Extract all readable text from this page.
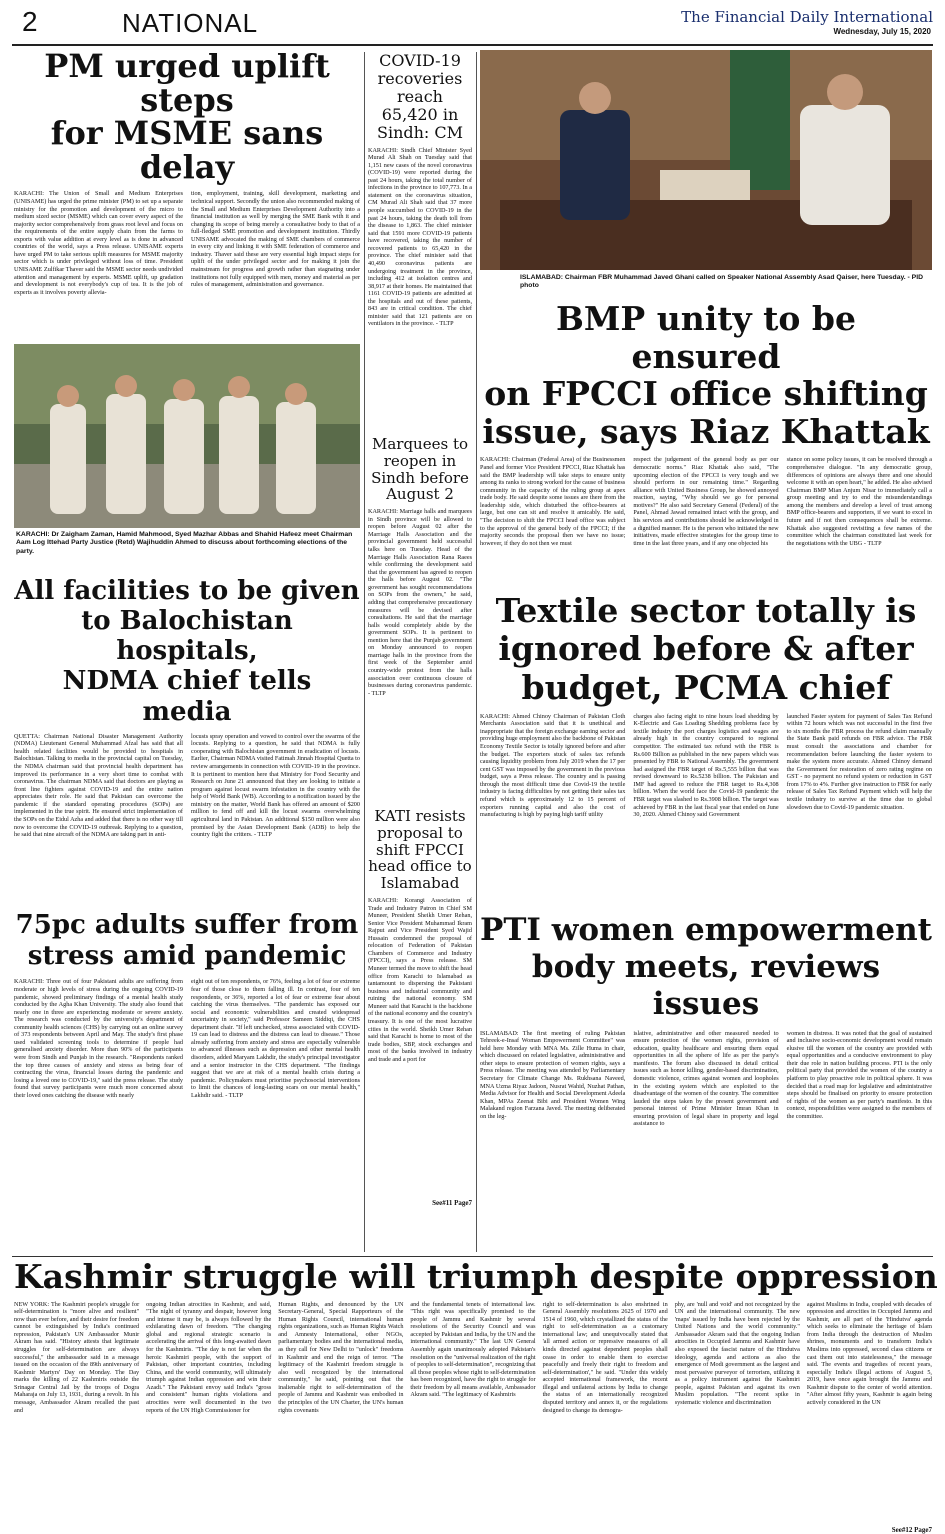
2	NATIONAL	The Financial Daily International
Wednesday, July 15, 2020
PM urged uplift steps
for MSME sans delay
KARACHI: The Union of Small and Medium Enterprises (UNISAME) has urged the prime minister (PM) to set up a separate ministry for the promotion and development of the micro to medium sized sector (MSME) which can cover every aspect of the majority sector comprehensively from grass root level and focus on the requirements of the entire supply chain from the farms to exports with value addition at every level as is done in advanced countries of the world, says a Press release. UNISAME experts have urged PM to take serious uplift measures for MSME majority sector which is under privileged without loss of time. President UNISAME Zulfikar Thaver said the MSME sector needs undivided attention and management by experts. MSME uplift, up gradation and development is not everybody's cup of tea. It is the job of experts as it involves poverty allevia-
tion, employment, training, skill development, marketing and technical support. Secondly the union also recommended making of the Small and Medium Enterprises Development Authority into a financial institution as well by merging the SME Bank with it and changing its scope of being merely a consultative body to that of a full-fledged SME promotion and development institution. Thirdly UNISAME advocated the making of SME chambers of commerce in every city and linking it with SME federation of commerce and industry. Thaver said these are very essential high impact steps for uplift of the under privileged sector and for making it join the mainstream for progress and growth rather than stagnating under institutions not fully equipped with men, money and material as per rules of management, administration and governance.
KARACHI: Dr Zaigham Zaman, Hamid Mahmood, Syed Mazhar Abbas and Shahid Hafeez meet Chairman Aam Log Ittehad Party Justice (Retd) Wajihuddin Ahmed to discuss about forthcoming elections of the party.
COVID-19 recoveries reach 65,420 in Sindh: CM
KARACHI: Sindh Chief Minister Syed Murad Ali Shah on Tuesday said that 1,151 new cases of the novel coronavirus (COVID-19) were reported during the past 24 hours, taking the total number of infections in the province to 107,773. In a statement on the coronavirus situation, CM Murad Ali Shah said that 37 more people succumbed to COVID-19 in the past 24 hours, taking the death toll from the disease to 1,863. The chief minister said that 1591 more COVID-19 patients have recovered, taking the number of recovered patients to 65,420 in the province. The chief minister said that 40,490 coronavirus patients are undergoing treatment in the province, including 412 at isolation centres and 38,917 at their homes. He maintained that 1161 COVID-19 patients are admitted at the hospitals and out of these patients, 843 are in critical condition. The chief minister said that 121 patients are on ventilators in the province. - TLTP
Marquees to reopen in Sindh before August 2
KARACHI: Marriage halls and marquees in Sindh province will be allowed to reopen before August 02 after the Marriage Halls Association and the provincial government held successful talks here on Tuesday. Head of the Marriage Halls Association Rana Raees while confirming the development said that the government has agreed to reopen the halls before August 02. "The government has sought recommendations on SOPs from the owners," he said, adding that comprehensive precautionary measures will be devised after consultations. He said that the marriage halls would completely abide by the government SOPs. It is pertinent to mention here that the Punjab government on Monday announced to reopen marriage halls in the province from the first week of the September amid country-wide protest from the halls association over continuous closure of businesses during coronavirus pandemic. - TLTP
KATI resists proposal to shift FPCCI head office to Islamabad
KARACHI: Korangi Association of Trade and Industry Patron in Chief SM Muneer, President Sheikh Umer Rehan, Senior Vice President Muhammad Ikram Rajput and Vice President Syed Wajid Hussain condemned the proposal of relocation of Federation of Pakistan Chambers of Commerce and Industry (FPCCI), says a Press release. SM Muneer termed the move to shift the head office from Karachi to Islamabad as tantamount to dispersing the Pakistani business and industrial community and ruining the national economy. SM Muneer said that Karachi is the backbone of the national economy and the country's treasury. It is one of the most lucrative cities in the world. Sheikh Umer Rehan said that Karachi is home to most of the trade bodies, SBP, stock exchanges and most of the banks involved in industry and trade and a port for
See#11 Page7
All facilities to be given
to Balochistan hospitals,
NDMA chief tells media
QUETTA: Chairman National Disaster Management Authority (NDMA) Lieutenant General Muhammad Afzal has said that all health related facilities would be provided to hospitals in Balochistan. Talking to media in the provincial capital on Tuesday, the NDMA chairman said that provincial health department has improved its performance in a very short time to combat with coronavirus. The chairman NDMA said that doctors are playing as front line fighters against COVID-19 and the entire nation appreciates their role. He said that Pakistan can overcome the pandemic if the standard operating procedures (SOPs) are implemented in the true spirit. He ensured strict implementation of the SOPs on the Eidul Azha and added that there is no other way till now to overcome the COVID-19 outbreak. Replying to a question, he said that nine aircraft of the NDMA are taking part in anti-
locusts spray operation and vowed to control over the swarms of the locusts. Replying to a question, he said that NDMA is fully cooperating with Balochistan government in eradication of locusts. Earlier, Chairman NDMA visited Fatimah Jinnah Hospital Quetta to review arrangements in connection with COVID-19 in the province. It is pertinent to mention here that Ministry for Food Security and Research on June 21 announced that they are looking to initiate a program against locust swarm infestation in the country with the help of World Bank (WB). According to a notification issued by the ministry on the matter, World Bank has offered an amount of $200 million to fend off and kill the locust swarms overwhelming agricultural land in Pakistan. An additional $150 million were also promised by the Asian Development Bank (ADB) to help the country fight the critters. - TLTP
75pc adults suffer from
stress amid pandemic
KARACHI: Three out of four Pakistani adults are suffering from moderate or high levels of stress during the ongoing COVID-19 pandemic, showed preliminary findings of a mental health study conducted by the Agha Khan University. The study also found that nearly one in three are experiencing moderate or severe anxiety. The research was conducted by the university's department of community health sciences (CHS) by carrying out an online survey of 373 respondents between April and May. The study's first phase used validated screening tools to determine if people had generalised anxiety disorder. More than 90% of the participants were from Sindh and Punjab in the research. "Respondents ranked the top three causes of anxiety and stress as being fear of contracting the virus, financial losses during the pandemic and losing a loved one to COVID-19," said the press release. The study found that survey participants were much more concerned about their loved ones catching the disease with nearly
eight out of ten respondents, or 76%, feeling a lot of fear or extreme fear of those close to them falling ill. In contrast, four of ten respondents, or 36%, reported a lot of fear or extreme fear about catching the virus themselves. "The pandemic has exposed our social and economic vulnerabilities and created widespread uncertainty in society," said Professor Sameen Siddiqi, the CHS department chair. "If left unchecked, stress associated with COVID-19 can lead to distress and the distress can lead to disease." Those already suffering from anxiety and stress are especially vulnerable to advanced illnesses such as depression and other mental health disorders, added Maryam Lakhdir, the study's principal investigator and a senior instructor in the CHS department. "The findings suggest that we are at risk of a mental health crisis during a pandemic. Policymakers must prioritise psychosocial interventions to limit the chances of long-lasting scars on our mental health," Lakhdir said. - TLTP
ISLAMABAD: Chairman FBR Muhammad Javed Ghani called on Speaker National Assembly Asad Qaiser, here Tuesday. - PID photo
BMP unity to be ensured
on FPCCI office shifting
issue, says Riaz Khattak
KARACHI: Chairman (Federal Area) of the Businessmen Panel and former Vice President FPCCI, Riaz Khattak has said the BMP leadership will take steps to ensure unity among its ranks to strong worked for the cause of business community in the capacity of the ruling group at apex trade body. He said despite some issues are there from the leadership side, which disturbed the office-bearers at large, but one can sit and resolve it amicably. He said, "The decision to shift the FPCCI head office was subject to the approval of the general body of the FPCCI; if the majority seconds the proposal then we have no issue; however, if they do not then we must
respect the judgement of the general body as per our democratic norms." Riaz Khattak also said, "The upcoming election of the FPCCI is very tough and we should perform in our remaining time." Regarding alliance with United Business Group, he showed annoyed reaction, saying, "Why should we go for personal motives?" He also said Secretary General (Federal) of the Panel, Ahmad Jawad remained intact with the group, and his services and contributions should be acknowledged in a dignified manner. He is the person who initiated the new initiatives, made effective strategies for the group time to time in the last three years, and if any one objected his
stance on some policy issues, it can be resolved through a comprehensive dialogue. "In any democratic group, differences of opinions are always there and one should welcome it with an open heart," he added. He also advised Chairman BMP Mian Anjum Nisar to immediately call a group meeting and try to end the misunderstandings among the members and develop a level of trust among BMP office-bearers and supporters, if we want to excel in future and if not then consequences shall be extreme. Khattak also suggested revisiting a few names of the committee which the chairman constituted last week for the negotiations with the UBG - TLTP
Textile sector totally is
ignored before & after
budget, PCMA chief
KARACHI: Ahmed Chinoy Chairman of Pakistan Cloth Merchants Association said that it is unethical and inappropriate that the foreign exchange earning sector and providing huge employment also the backbone of Pakistan Economy Textile Sector is totally ignored before and after the budget. The exporters stuck of sales tax refunds causing liquidity problem from July 2019 when the 17 per cent GST was imposed by the government in the previous budget, says a Press release. The country and is passing through the most difficult time due Covid-19 the textile industry is facing difficulties by not getting their sales tax refund which is approximately 12 to 15 percent of exporters running capital and also the cost of manufacturing is high by paying high tariff utility
charges also facing eight to nine hours load shedding by K-Electric and Gas Loading Shedding problems face by textile industry the port charges logistics and wages are already high in the country compared to regional competitor. The estimated tax refund with the FBR is Rs.600 Billion as published in the new papers which was presented by FBR to National Assembly. The government had assigned the FBR target of Rs.5,555 billion that was revised downward to Rs.5238 billion. The Pakistan and IMF had agreed to reduce the FBR target to Rs.4,308 billion. When the world face the Covid-19 pandemic the FBR target was slashed to Rs.3908 billion. The target was achieved by FBR in the last fiscal year that ended on June 30, 2020. Ahmed Chinoy said Government
launched Faster system for payment of Sales Tax Refund within 72 hours which was not successful in the first five to six months the FBR process the refund claim manually the State Bank paid refunds on FBR advice. The FBR must consult the associations and chamber for recommendation before launching the faster system to make the system more accurate. Ahmed Chinoy demand the Government for restoration of zero rating regime on GST - no payment no refund system or reduction in GST from 17% to 4%. Further give instruction to FBR for early release of Sales Tax Refund Payment which will help the textile industry to survive at the time due to global slowdown due to Covid-19 pandemic situation.
PTI women empowerment
body meets, reviews issues
ISLAMABAD: The first meeting of ruling Pakistan Tehreek-e-Insaf Woman Empowerment Committee" was held here Monday with MNA Ms. Zille Huma in chair, which discussed on related legislative, administrative and other steps to ensure protection of women rights, says a Press release. The meeting was attended by Parliamentary Secretary for Climate Change Ms. Rukhsana Naveed, MNA Uzma Riyaz Jadoon, Nusrat Wahid, Nuzhat Pathan, Media Advisor for Health and Social Development Adeela Khan, MPAs Zeenat Bibi and President Women Wing Malakand region Farzana Javed. The meeting deliberated on the leg-
islative, administrative and other measured needed to ensure protection of the women rights, provision of education, quality healthcare and ensuring them equal opportunities in all the sphere of life as per the party's manifesto. The forum also discussed in detail critical issues such as honor killing, gender-based discrimination, domestic violence, crimes against women and loopholes in the existing system which are exploited to the disadvantage of the women of the country. The committee lauded the steps taken by the present government and personal interest of Prime Minister Imran Khan in ensuring provision of legal share in property and legal assistance to
women in distress. It was noted that the goal of sustained and inclusive socio-economic development would remain elusive till the women of the country are provided with equal opportunities and a conducive environment to play their due role in nation building process. PTI is the only political party that provided the women of the country a platform to play proactive role in political sphere. It was decided that a road map for legislative and administrative steps should be finalised on priority to ensure protection of rights of the women as per party's manifesto. In this context, responsibilities were assigned to the members of the committee.
Kashmir struggle will triumph despite oppression
NEW YORK: The Kashmiri people's struggle for self-determination is "more alive and resilient" now than ever before, and their desire for freedom cannot be extinguished by India's continued repression, Pakistan's UN Ambassador Munir Akram has said. "History attests that legitimate struggles for self-determination are always successful," the ambassador said in a message issued on the occasion of the 89th anniversary of Kashmir Martyrs' Day on Monday. The Day marks the killing of 22 Kashmiris outside the Srinagar Central Jail by the troops of Dogra Maharaja on July 13, 1931, during a revolt. In his message, Ambassador Akram recalled the past and
ongoing Indian atrocities in Kashmir, and said, "The night of tyranny and despair, however long and intense it may be, is always followed by the exhilarating dawn of freedom. "The changing global and regional strategic scenario is accelerating the arrival of this long-awaited dawn for the Kashmiris. "The day is not far when the heroic Kashmiri people, with the support of Pakistan, other important countries, including China, and the world community, will ultimately triumph against Indian oppression and win their Azadi." The Pakistani envoy said India's "gross and consistent" human rights violations and atrocities were well documented in the two reports of the UN High Commissioner for
Human Rights, and denounced by the UN Secretary-General, Special Rapporteurs of the Human Rights Council, international human rights organizations, such as Human Rights Watch and Amnesty International, other NGOs, parliamentary bodies and the international media, as they call for New Delhi to "unlock" freedoms in Kashmir and end the reign of terror. "The legitimacy of the Kashmiri freedom struggle is also well recognized by the international community," he said, pointing out that the inalienable right to self-determination of the people of Jammu and Kashmir was embodied in the principles of the UN Charter, the UN's human rights covenants
and the fundamental tenets of international law. "This right was specifically promised to the people of Jammu and Kashmir by several resolutions of the Security Council and was accepted by Pakistan and India, by the UN and the international community." The last UN General Assembly again unanimously adopted Pakistan's resolution on the "universal realization of the right of peoples to self-determination", recognizing that all those peoples whose right to self-determination has been recognized, have the right to struggle for their freedom by all means available, Ambassador Akram said. "The legitimacy of Kashmiris
right to self-determination is also enshrined in General Assembly resolutions 2625 of 1970 and 1514 of 1960, which crystallized the status of the right to self-determination as a customary international law; and unequivocally stated that 'all armed action or repressive measures of all kinds directed against dependent peoples shall cease in order to enable them to exercise peacefully and freely their right to freedom and self-determination'," he said. "Under this widely accepted international framework, the recent illegal and unilateral actions by India to change the status of an internationally recognized disputed territory and annex it, or the regulations designed to change its demogra-
phy, are 'null and void' and not recognized by the UN and the international community. The new 'maps' issued by India have been rejected by the United Nations and the world community." Ambassador Akram said that the ongoing Indian atrocities in Occupied Jammu and Kashmir have also exposed the fascist nature of the Hindutva ideology, agenda and actions as also the emergence of Modi government as the largest and most pervasive purveyor of terrorism, utilizing it as a policy instrument against the Kashmiri people, against Pakistan and against its own Muslim population. "The recent spike in systematic violence and discrimination
against Muslims in India, coupled with decades of oppression and atrocities in Occupied Jammu and Kashmir, are all part of the 'Hindutva' agenda which seeks to eliminate the heritage of Islam from India through the destruction of Muslim shrines, monuments and to transform India's Muslims into oppressed, second class citizens or cast them out into statelessness," the message said. The events and tragedies of recent years, especially India's illegal actions of August 5, 2019, have once again brought the Jammu and Kashmir dispute to the center of world attention. "After almost fifty years, Kashmir is again being actively considered in the UN
See#12 Page7
